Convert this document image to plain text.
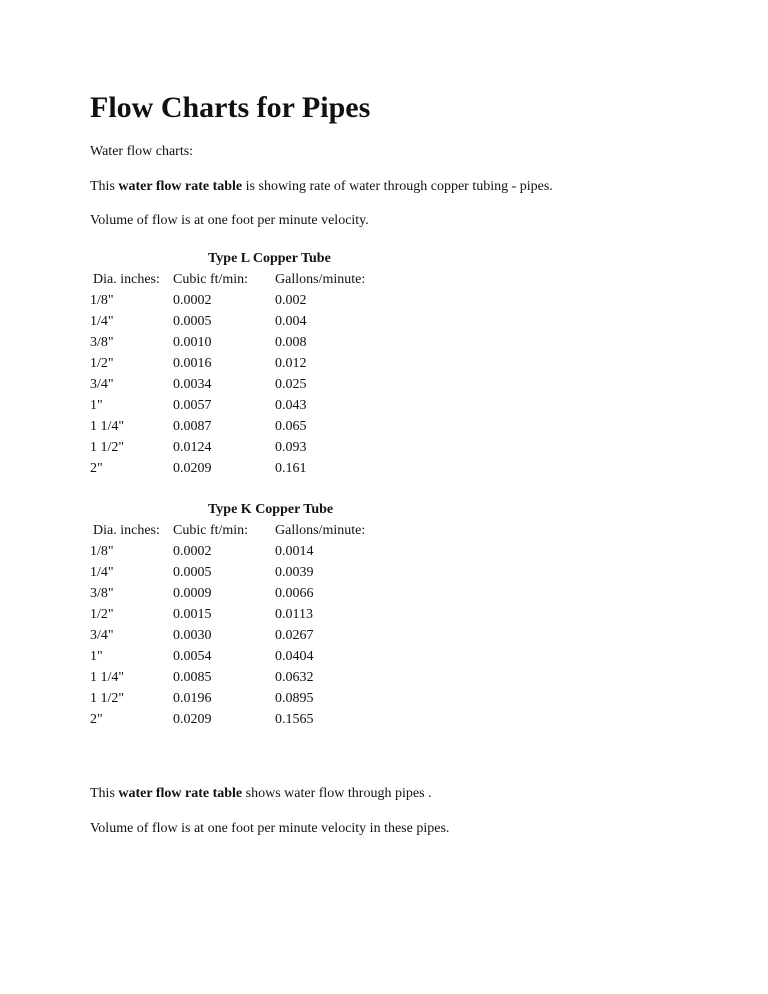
Flow Charts for Pipes

Water flow charts:

This water flow rate table is showing rate of water through copper tubing - pipes.

Volume of flow is at one foot per minute velocity.

Type L Copper Tube

Dia. inches: Cubic ft/min: Gallons/minute:
1/8"	0.0002	0.002
1/4"	0.0005	0.004
3/8"	0.0010	0.008
1/2"	0.0016	0.012
3/4"	0.0034	0.025
1"	0.0057	0.043
1 1/4"	0.0087	0.065
1 1/2"	0.0124	0.093
2"	0.0209	0.161

Type K Copper Tube

Dia. inches: Cubic ft/min: Gallons/minute:
1/8"	0.0002	0.0014
1/4"	0.0005	0.0039
3/8"	0.0009	0.0066
1/2"	0.0015	0.0113
3/4"	0.0030	0.0267
1"	0.0054	0.0404
1 1/4"	0.0085	0.0632
1 1/2"	0.0196	0.0895
2"	0.0209	0.1565

This water flow rate table shows water flow through pipes .

Volume of flow is at one foot per minute velocity in these pipes.
